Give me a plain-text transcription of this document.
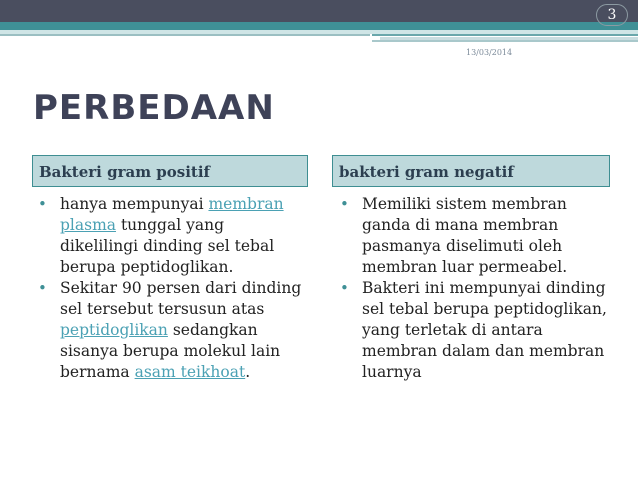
3
13/03/2014
PERBEDAAN
Bakteri gram positif	bakteri gram negatif
• hanya mempunyai membran plasma tunggal yang dikelilingi dinding sel tebal berupa peptidoglikan.
• Sekitar 90 persen dari dinding sel tersebut tersusun atas peptidoglikan sedangkan sisanya berupa molekul lain bernama asam teikhoat.
• Memiliki sistem membran ganda di mana membran pasmanya diselimuti oleh membran luar permeabel.
• Bakteri ini mempunyai dinding sel tebal berupa peptidoglikan, yang terletak di antara membran dalam dan membran luarnya
